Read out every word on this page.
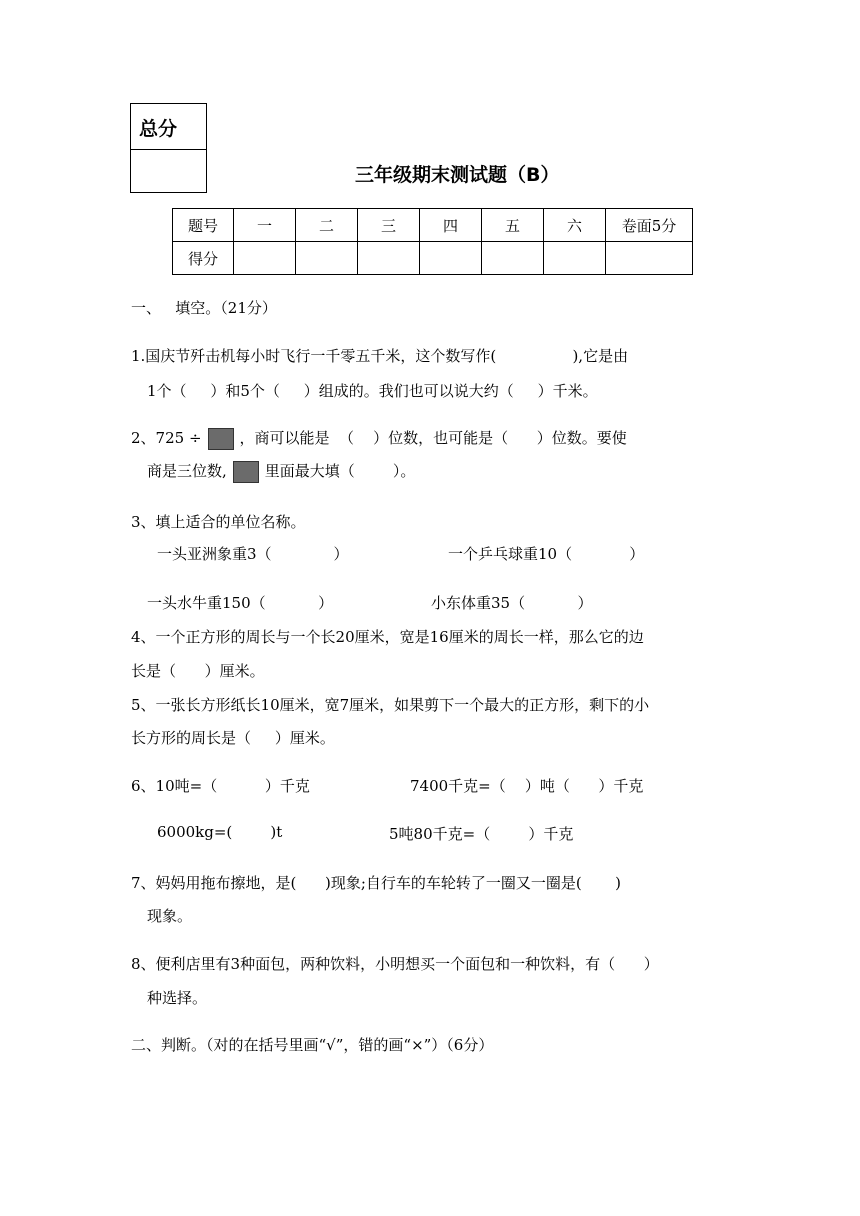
总分
三年级期末测试题（B）
题号	一	二	三	四	五	六	卷面5分
得分							
一、   填空。（21分）
1.国庆节歼击机每小时飞行一千零五千米，这个数写作(                ),它是由
1个（     ）和5个（     ）组成的。我们也可以说大约（     ）千米。
2、725 ÷	，商可以能是  （    ）位数，也可能是（      ）位数。要使
商是三位数,	里面最大填（        ）。
3、填上适合的单位名称。
一头亚洲象重3（             ）	一个乒乓球重10（            ）
一头水牛重150（           ）	小东体重35（           ）
4、一个正方形的周长与一个长20厘米，宽是16厘米的周长一样，那么它的边
长是（      ）厘米。
5、一张长方形纸长10厘米，宽7厘米，如果剪下一个最大的正方形，剩下的小
长方形的周长是（     ）厘米。
6、10吨=（          ）千克	7400千克=（    ）吨（      ）千克
6000kg=(        )t	5吨80千克=（        ）千克
7、妈妈用拖布擦地，是(      )现象;自行车的车轮转了一圈又一圈是(       )
现象。
8、便利店里有3种面包，两种饮料，小明想买一个面包和一种饮料，有（      ）
种选择。
二、判断。（对的在括号里画“√”，错的画“×”）（6分）
